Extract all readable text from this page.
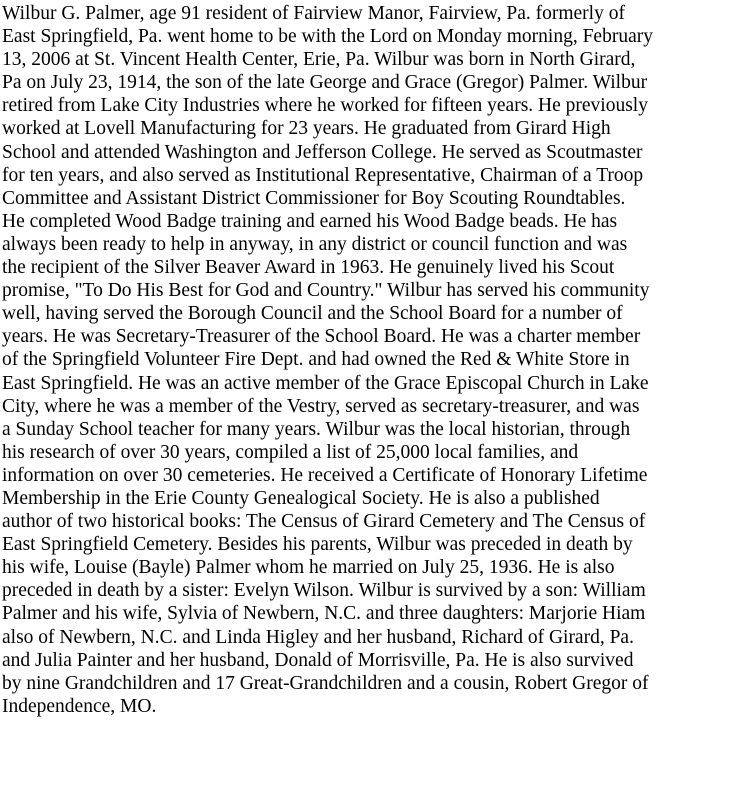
Wilbur G. Palmer, age 91 resident of Fairview Manor, Fairview, Pa. formerly of
East Springfield, Pa. went home to be with the Lord on Monday morning, February
13, 2006 at St. Vincent Health Center, Erie, Pa. Wilbur was born in North Girard,
Pa on July 23, 1914, the son of the late George and Grace (Gregor) Palmer. Wilbur
retired from Lake City Industries where he worked for fifteen years. He previously
worked at Lovell Manufacturing for 23 years. He graduated from Girard High
School and attended Washington and Jefferson College. He served as Scoutmaster
for ten years, and also served as Institutional Representative, Chairman of a Troop
Committee and Assistant District Commissioner for Boy Scouting Roundtables.
He completed Wood Badge training and earned his Wood Badge beads. He has
always been ready to help in anyway, in any district or council function and was
the recipient of the Silver Beaver Award in 1963. He genuinely lived his Scout
promise, "To Do His Best for God and Country." Wilbur has served his community
well, having served the Borough Council and the School Board for a number of
years. He was Secretary-Treasurer of the School Board. He was a charter member
of the Springfield Volunteer Fire Dept. and had owned the Red & White Store in
East Springfield. He was an active member of the Grace Episcopal Church in Lake
City, where he was a member of the Vestry, served as secretary-treasurer, and was
a Sunday School teacher for many years. Wilbur was the local historian, through
his research of over 30 years, compiled a list of 25,000 local families, and
information on over 30 cemeteries. He received a Certificate of Honorary Lifetime
Membership in the Erie County Genealogical Society. He is also a published
author of two historical books: The Census of Girard Cemetery and The Census of
East Springfield Cemetery. Besides his parents, Wilbur was preceded in death by
his wife, Louise (Bayle) Palmer whom he married on July 25, 1936. He is also
preceded in death by a sister: Evelyn Wilson. Wilbur is survived by a son: William
Palmer and his wife, Sylvia of Newbern, N.C. and three daughters: Marjorie Hiam
also of Newbern, N.C. and Linda Higley and her husband, Richard of Girard, Pa.
and Julia Painter and her husband, Donald of Morrisville, Pa. He is also survived
by nine Grandchildren and 17 Great-Grandchildren and a cousin, Robert Gregor of
Independence, MO.
